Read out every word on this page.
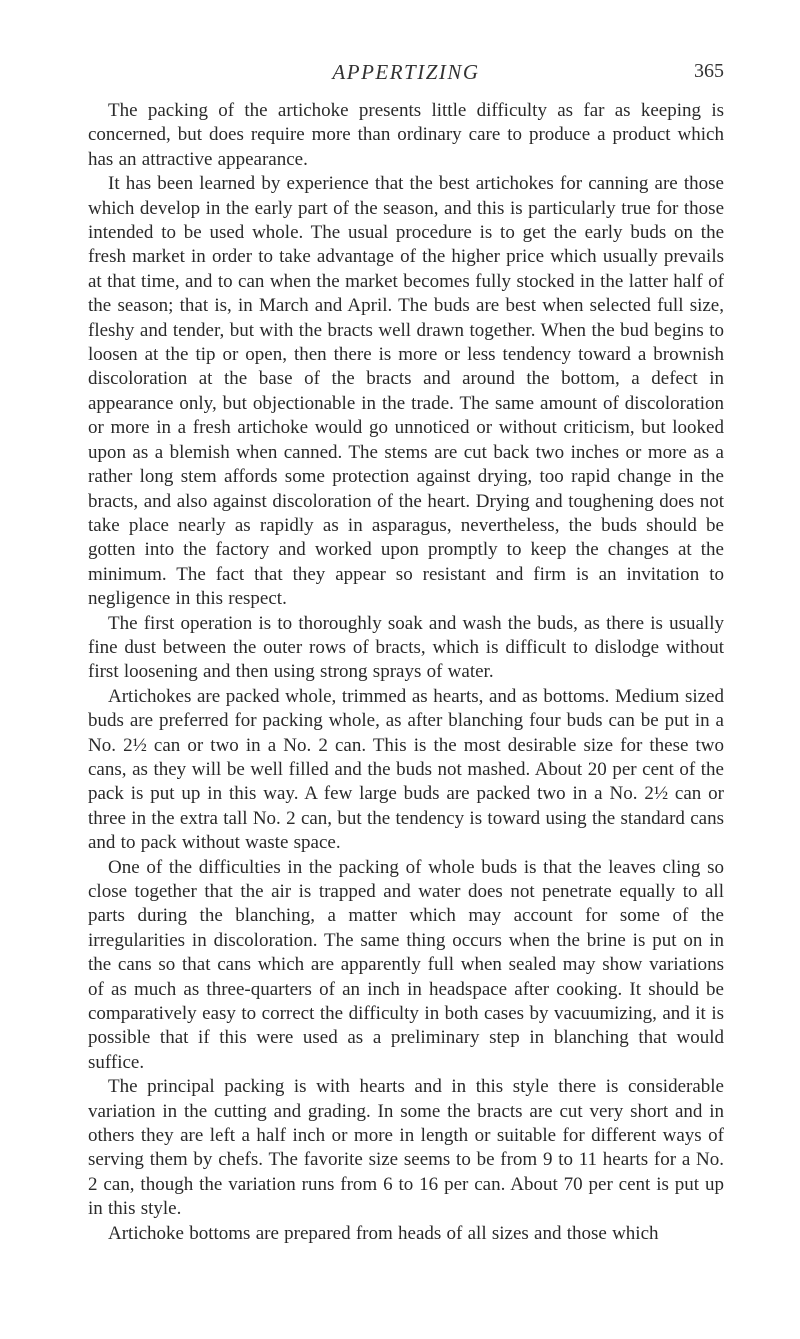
APPERTIZING	365

The packing of the artichoke presents little difficulty as far as keeping is concerned, but does require more than ordinary care to produce a product which has an attractive appearance.

It has been learned by experience that the best artichokes for canning are those which develop in the early part of the season, and this is particularly true for those intended to be used whole. The usual procedure is to get the early buds on the fresh market in order to take advantage of the higher price which usually prevails at that time, and to can when the market becomes fully stocked in the latter half of the season; that is, in March and April. The buds are best when selected full size, fleshy and tender, but with the bracts well drawn together. When the bud begins to loosen at the tip or open, then there is more or less tendency toward a brownish discoloration at the base of the bracts and around the bottom, a defect in appearance only, but objectionable in the trade. The same amount of discoloration or more in a fresh artichoke would go unnoticed or without criticism, but looked upon as a blemish when canned. The stems are cut back two inches or more as a rather long stem affords some protection against drying, too rapid change in the bracts, and also against discoloration of the heart. Drying and toughening does not take place nearly as rapidly as in asparagus, nevertheless, the buds should be gotten into the factory and worked upon promptly to keep the changes at the minimum. The fact that they appear so resistant and firm is an invitation to negligence in this respect.

The first operation is to thoroughly soak and wash the buds, as there is usually fine dust between the outer rows of bracts, which is difficult to dislodge without first loosening and then using strong sprays of water.

Artichokes are packed whole, trimmed as hearts, and as bottoms. Medium sized buds are preferred for packing whole, as after blanching four buds can be put in a No. 2½ can or two in a No. 2 can. This is the most desirable size for these two cans, as they will be well filled and the buds not mashed. About 20 per cent of the pack is put up in this way. A few large buds are packed two in a No. 2½ can or three in the extra tall No. 2 can, but the tendency is toward using the standard cans and to pack without waste space.

One of the difficulties in the packing of whole buds is that the leaves cling so close together that the air is trapped and water does not penetrate equally to all parts during the blanching, a matter which may account for some of the irregularities in discoloration. The same thing occurs when the brine is put on in the cans so that cans which are apparently full when sealed may show variations of as much as three-quarters of an inch in headspace after cooking. It should be comparatively easy to correct the difficulty in both cases by vacuumizing, and it is possible that if this were used as a preliminary step in blanching that would suffice.

The principal packing is with hearts and in this style there is considerable variation in the cutting and grading. In some the bracts are cut very short and in others they are left a half inch or more in length or suitable for different ways of serving them by chefs. The favorite size seems to be from 9 to 11 hearts for a No. 2 can, though the variation runs from 6 to 16 per can. About 70 per cent is put up in this style.

Artichoke bottoms are prepared from heads of all sizes and those which
